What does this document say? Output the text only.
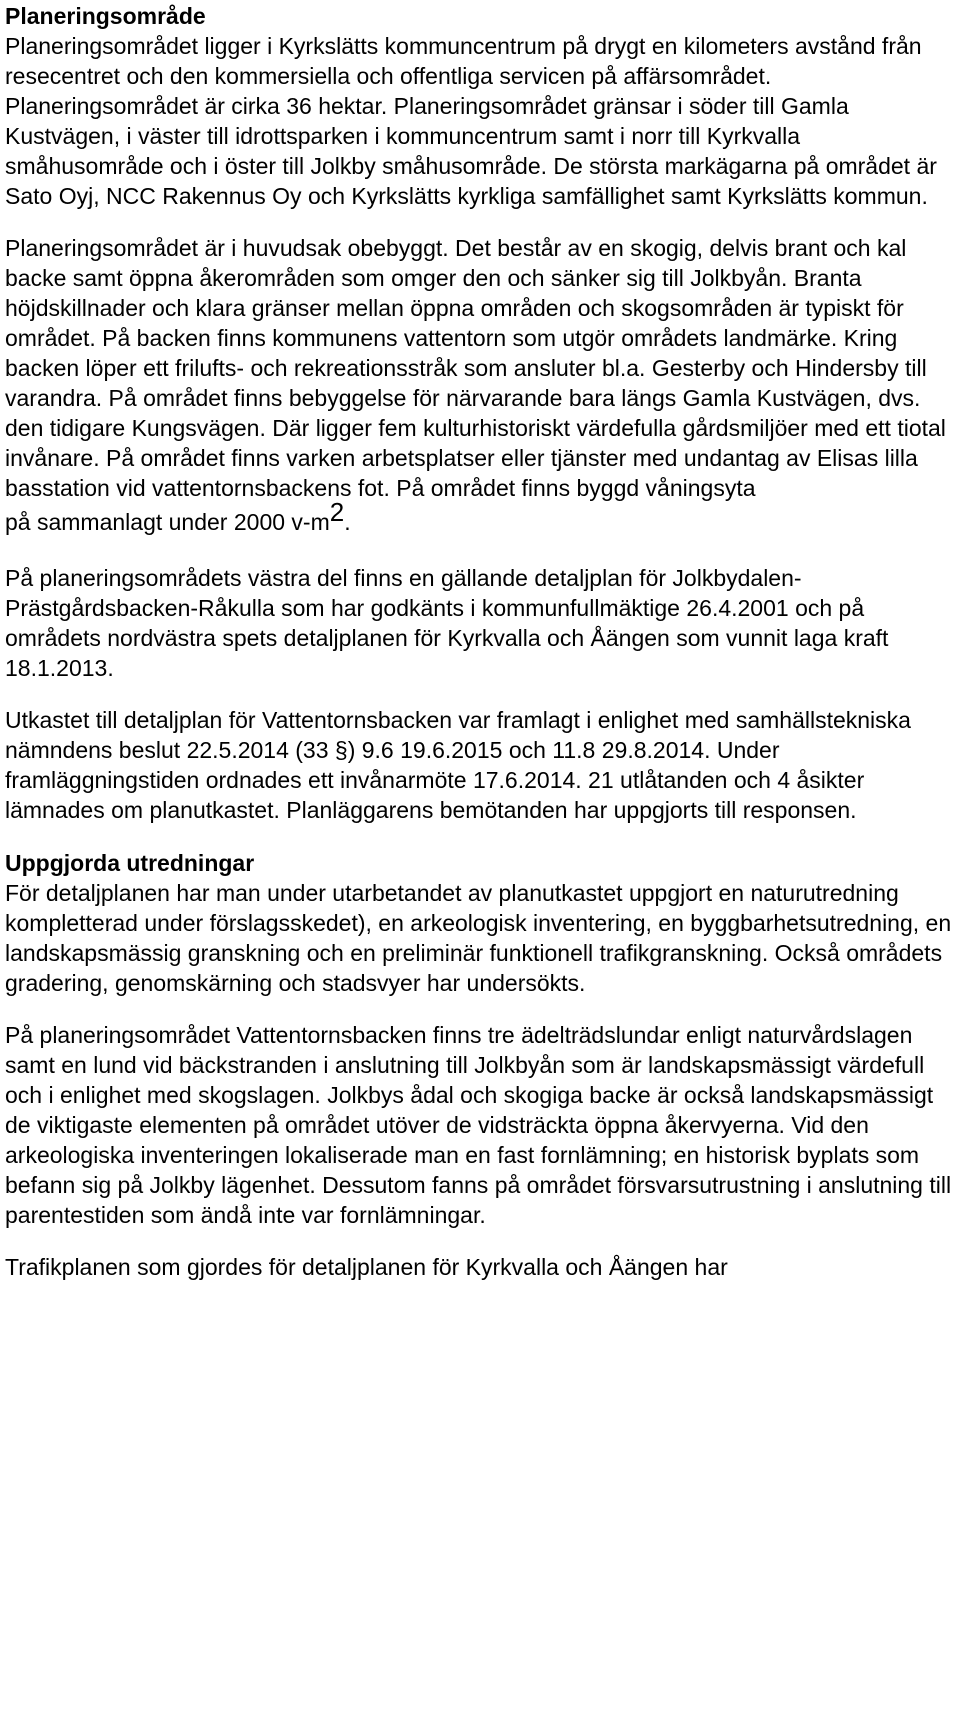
Planeringsområde

Planeringsområdet ligger i Kyrkslätts kommuncentrum på drygt en kilometers avstånd från resecentret och den kommersiella och offentliga servicen på affärsområdet. Planeringsområdet är cirka 36 hektar. Planeringsområdet gränsar i söder till Gamla Kustvägen, i väster till idrottsparken i kommuncentrum samt i norr till Kyrkvalla småhusområde och i öster till Jolkby småhusområde. De största markägarna på området är Sato Oyj, NCC Rakennus Oy och Kyrkslätts kyrkliga samfällighet samt Kyrkslätts kommun.

Planeringsområdet är i huvudsak obebyggt. Det består av en skogig, delvis brant och kal backe samt öppna åkerområden som omger den och sänker sig till Jolkbyån. Branta höjdskillnader och klara gränser mellan öppna områden och skogsområden är typiskt för området. På backen finns kommunens vattentorn som utgör områdets landmärke. Kring backen löper ett frilufts- och rekreationsstråk som ansluter bl.a. Gesterby och Hindersby till varandra. På området finns bebyggelse för närvarande bara längs Gamla Kustvägen, dvs. den tidigare Kungsvägen. Där ligger fem kulturhistoriskt värdefulla gårdsmiljöer med ett tiotal invånare. På området finns varken arbetsplatser eller tjänster med undantag av Elisas lilla basstation vid vattentornsbackens fot. På området finns byggd våningsyta
på sammanlagt under 2000 v-m2.

På planeringsområdets västra del finns en gällande detaljplan för Jolkbydalen-Prästgårdsbacken-Råkulla som har godkänts i kommunfullmäktige 26.4.2001 och på områdets nordvästra spets detaljplanen för Kyrkvalla och Åängen som vunnit laga kraft 18.1.2013.

Utkastet till detaljplan för Vattentornsbacken var framlagt i enlighet med samhällstekniska nämndens beslut 22.5.2014 (33 §) 9.6 19.6.2015 och 11.8 29.8.2014. Under framläggningstiden ordnades ett invånarmöte 17.6.2014. 21 utlåtanden och 4 åsikter lämnades om planutkastet. Planläggarens bemötanden har uppgjorts till responsen.

Uppgjorda utredningar

För detaljplanen har man under utarbetandet av planutkastet uppgjort en naturutredning kompletterad under förslagsskedet), en arkeologisk inventering, en byggbarhetsutredning, en landskapsmässig granskning och en preliminär funktionell trafikgranskning. Också områdets gradering, genomskärning och stadsvyer har undersökts.

På planeringsområdet Vattentornsbacken finns tre ädelträdslundar enligt naturvårdslagen samt en lund vid bäckstranden i anslutning till Jolkbyån som är landskapsmässigt värdefull och i enlighet med skogslagen. Jolkbys ådal och skogiga backe är också landskapsmässigt de viktigaste elementen på området utöver de vidsträckta öppna åkervyerna. Vid den arkeologiska inventeringen lokaliserade man en fast fornlämning; en historisk byplats som befann sig på Jolkby lägenhet. Dessutom fanns på området försvarsutrustning i anslutning till parentestiden som ändå inte var fornlämningar.

Trafikplanen som gjordes för detaljplanen för Kyrkvalla och Åängen har
